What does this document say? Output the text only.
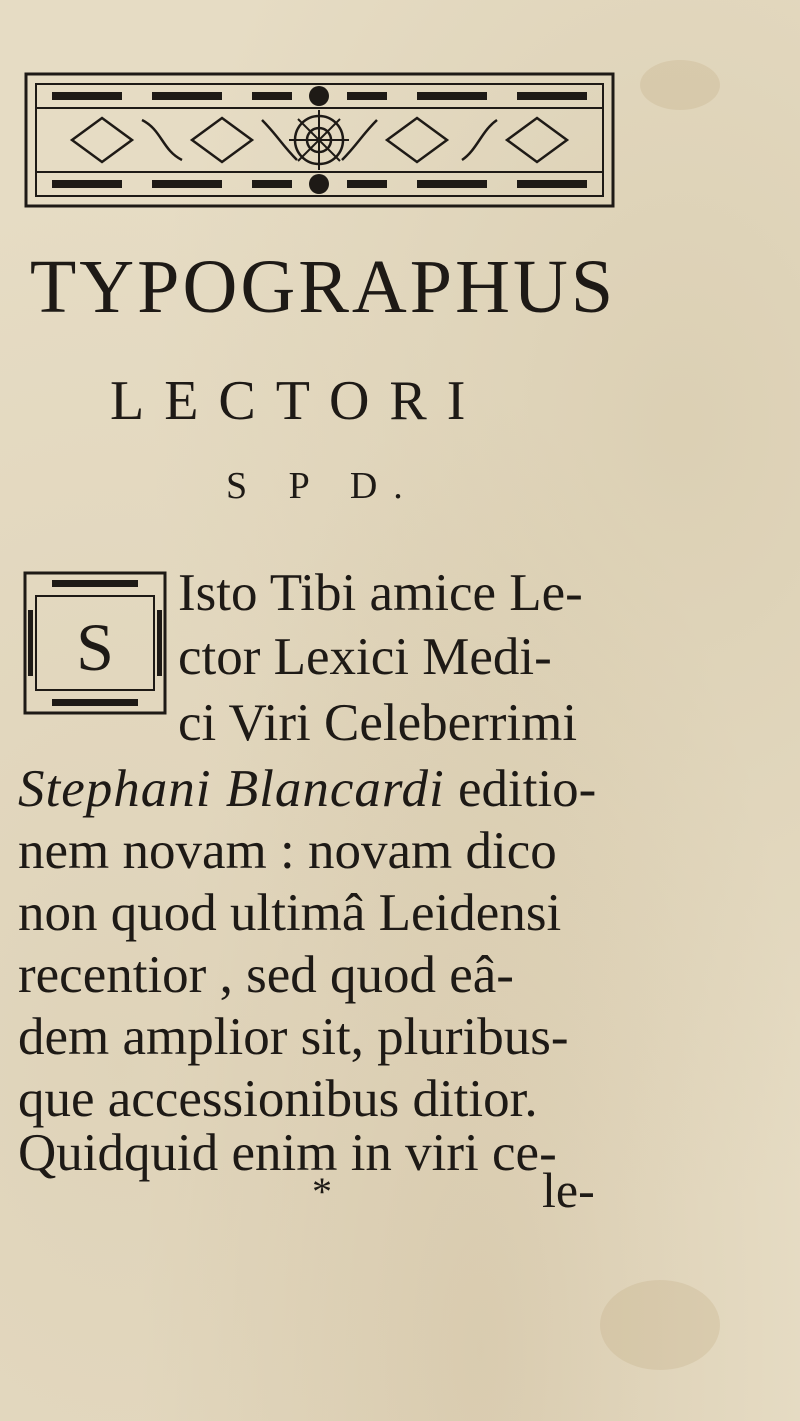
TYPOGRAPHUS
LECTORI
S P D.
S
Isto Tibi amice Le-
ctor Lexici Medi-
ci Viri Celeberrimi
Stephani Blancardi editio-
nem novam : novam dico
non quod ultimâ Leidensi
recentior , sed quod eâ-
dem amplior sit, pluribus-
que accessionibus ditior.
Quidquid enim in viri ce-
*	le-
